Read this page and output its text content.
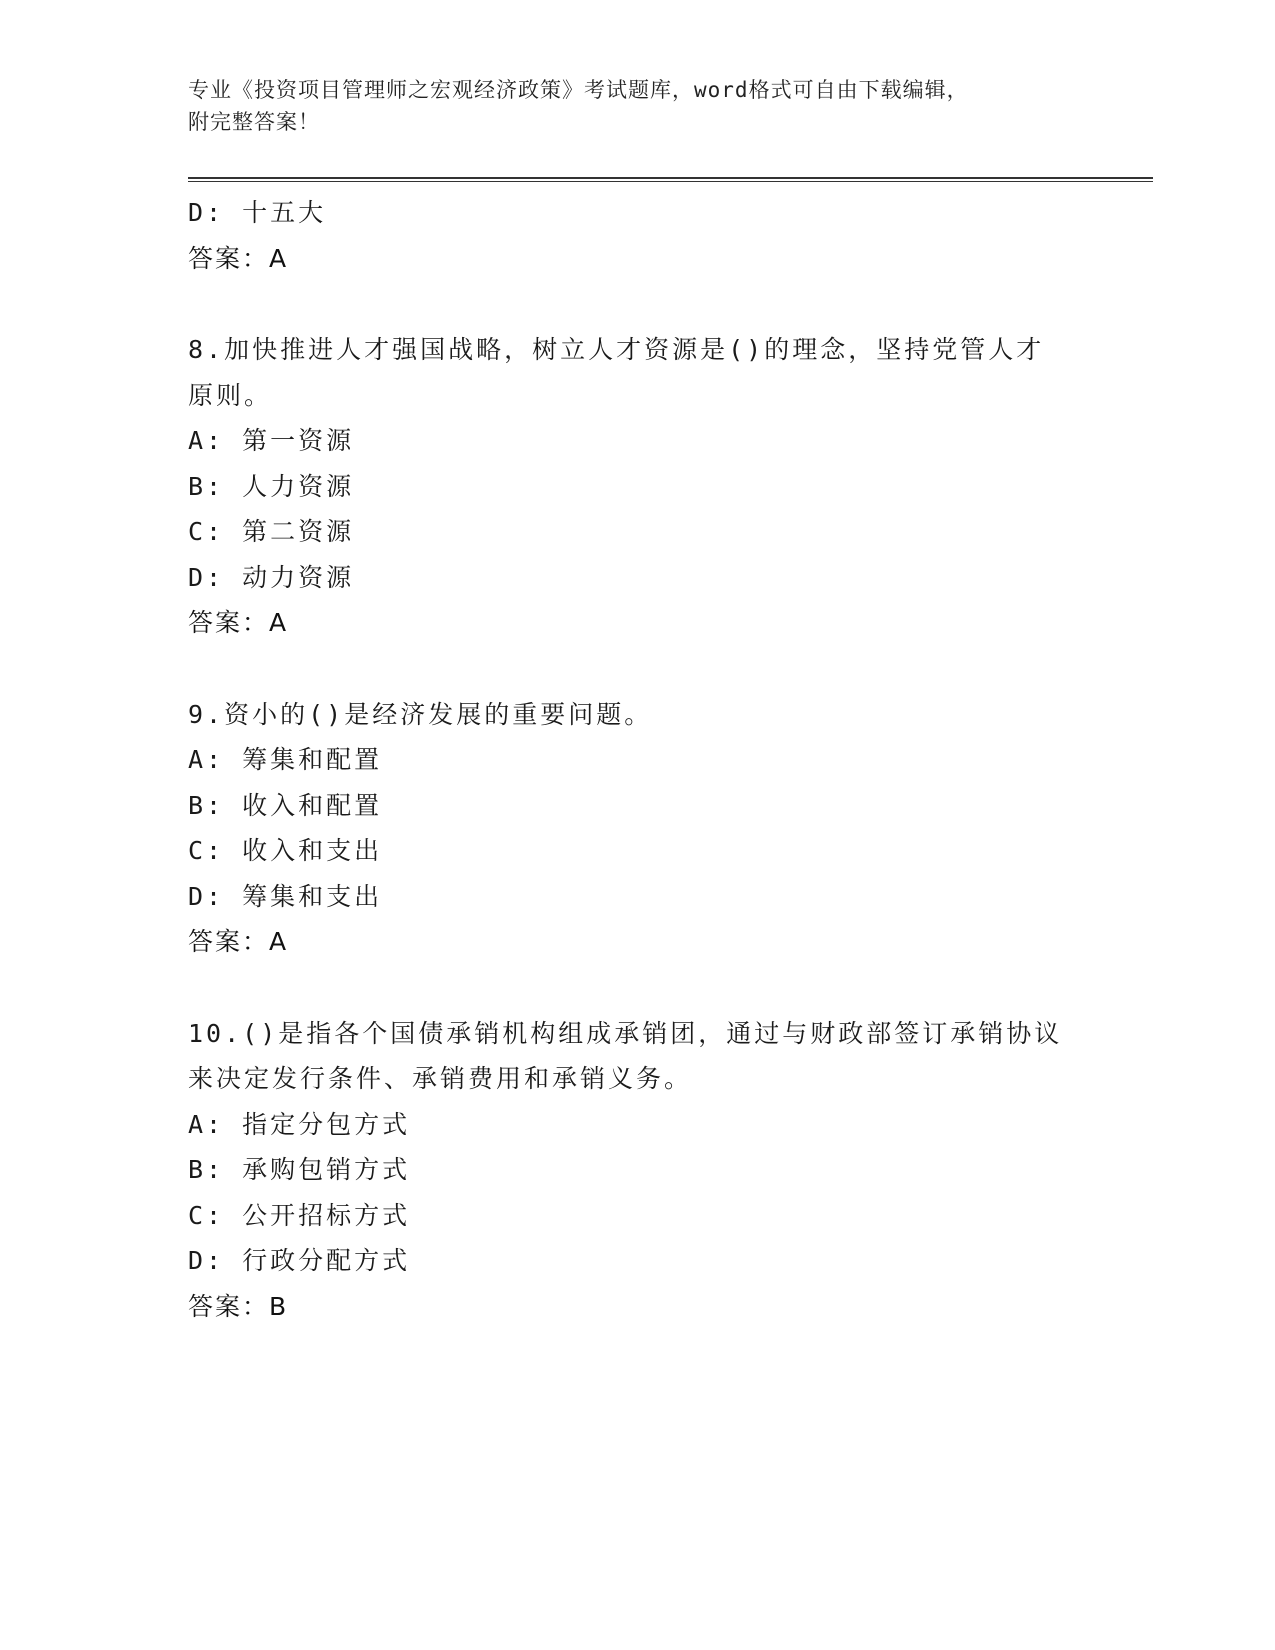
专业《投资项目管理师之宏观经济政策》考试题库，word格式可自由下载编辑，
附完整答案！

D: 十五大

答案：A

8.加快推进人才强国战略，树立人才资源是()的理念，坚持党管人才

原则。

A: 第一资源

B: 人力资源

C: 第二资源

D: 动力资源

答案：A

9.资小的()是经济发展的重要问题。

A: 筹集和配置

B: 收入和配置

C: 收入和支出

D: 筹集和支出

答案：A

10.()是指各个国债承销机构组成承销团，通过与财政部签订承销协议

来决定发行条件、承销费用和承销义务。

A: 指定分包方式

B: 承购包销方式

C: 公开招标方式

D: 行政分配方式

答案：B
